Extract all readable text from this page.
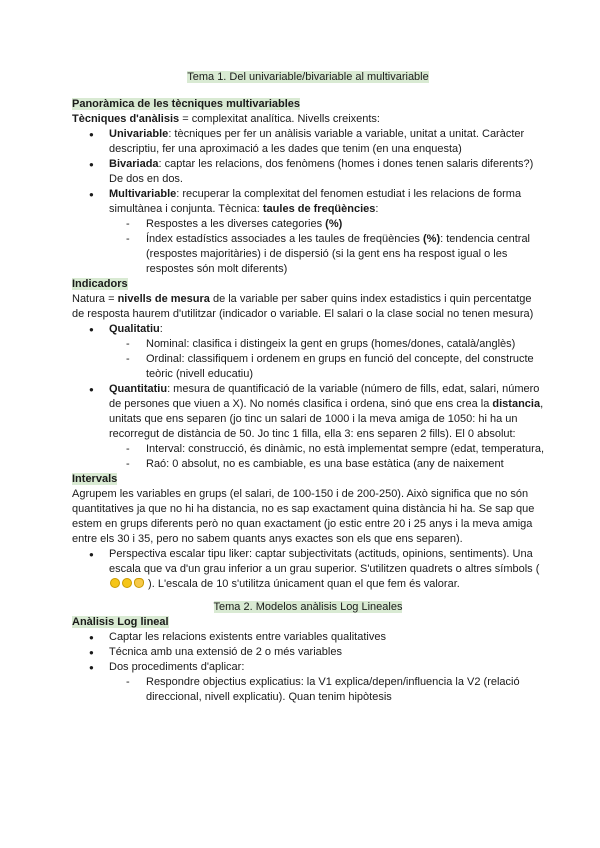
Tema 1. Del univariable/bivariable al multivariable

Panoràmica de les tècniques multivariables

Tècniques d'anàlisis = complexitat analítica. Nivells creixents:

● Univariable: tècniques per fer un anàlisis variable a variable, unitat a unitat. Caràcter descriptiu, fer una aproximació a les dades que tenim (en una enquesta)
● Bivariada: captar les relacions, dos fenòmens (homes i dones tenen salaris diferents?) De dos en dos.
● Multivariable: recuperar la complexitat del fenomen estudiat i les relacions de forma simultànea i conjunta. Tècnica: taules de freqüències:
- Respostes a les diverses categories (%)
- Índex estadístics associades a les taules de freqüències (%): tendencia central (respostes majoritàries) i de dispersió (si la gent ens ha respost igual o les respostes són molt diferents)

Indicadors

Natura = nivells de mesura de la variable per saber quins index estadistics i quin percentatge de resposta haurem d'utilitzar (indicador o variable. El salari o la clase social no tenen mesura)

● Qualitatiu:
- Nominal: clasifica i distingeix la gent en grups (homes/dones, català/anglès)
- Ordinal: classifiquem i ordenem en grups en funció del concepte, del constructe teòric (nivell educatiu)
● Quantitatiu: mesura de quantificació de la variable (número de fills, edat, salari, número de persones que viuen a X). No només clasifica i ordena, sinó que ens crea la distancia, unitats que ens separen (jo tinc un salari de 1000 i la meva amiga de 1050: hi ha un recorregut de distància de 50. Jo tinc 1 filla, ella 3: ens separen 2 fills). El 0 absolut:
- Interval: construcció, és dinàmic, no està implementat sempre (edat, temperatura,
- Raó: 0 absolut, no es cambiable, es una base estàtica (any de naixement

Intervals

Agrupem les variables en grups (el salari, de 100-150 i de 200-250). Això significa que no són quantitatives ja que no hi ha distancia, no es sap exactament quina distància hi ha. Se sap que estem en grups diferents però no quan exactament (jo estic entre 20 i 25 anys i la meva amiga entre els 30 i 35, pero no sabem quants anys exactes son els que ens separen).

● Perspectiva escalar tipu liker: captar subjectivitats (actituds, opinions, sentiments). Una escala que va d'un grau inferior a un grau superior. S'utilitzen quadrets o altres símbols ( ). L'escala de 10 s'utilitza únicament quan el que fem és valorar.

Tema 2. Modelos anàlisis Log Lineales

Anàlisis Log lineal

● Captar les relacions existents entre variables qualitatives
● Técnica amb una extensió de 2 o més variables
● Dos procediments d'aplicar:
- Respondre objectius explicatius: la V1 explica/depen/influencia la V2 (relació direccional, nivell explicatiu). Quan tenim hipòtesis
